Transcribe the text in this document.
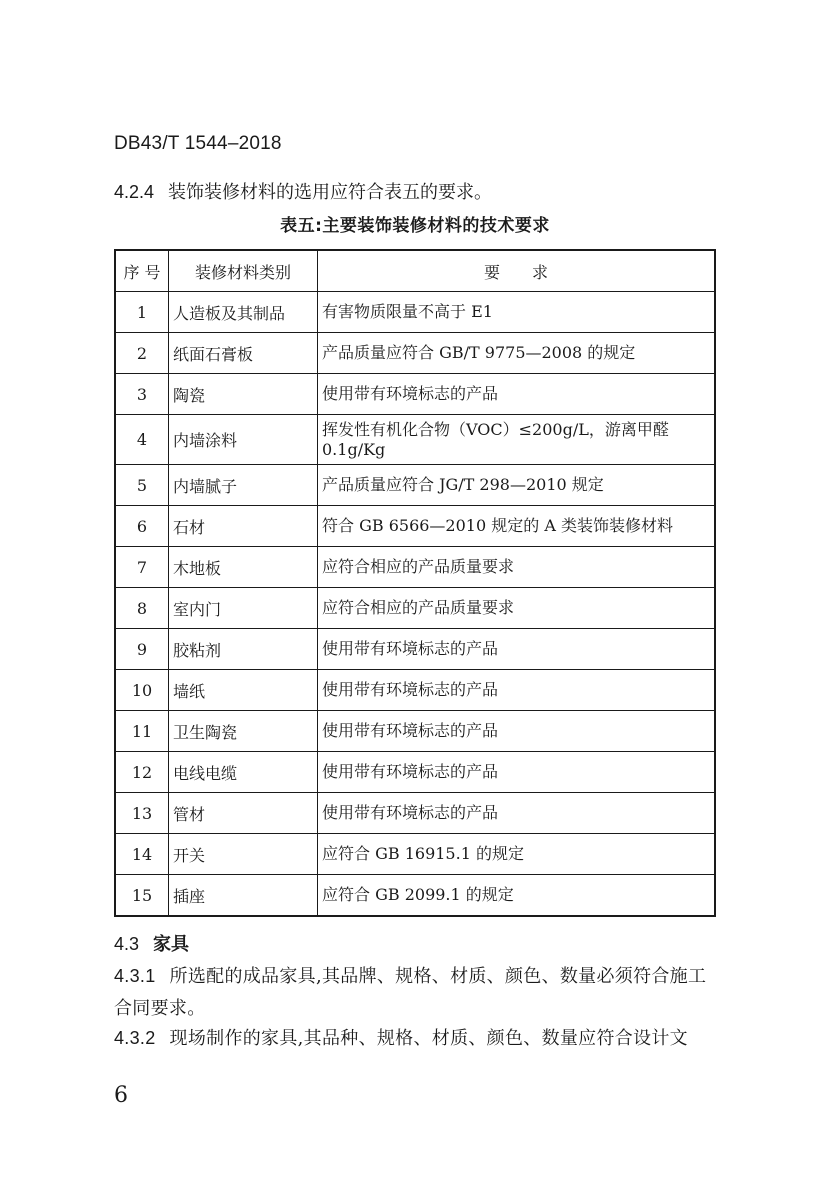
DB43/T 1544–2018
4.2.4 装饰装修材料的选用应符合表五的要求。
表五:主要装饰装修材料的技术要求
序 号	装修材料类别	要　　求
1	人造板及其制品	有害物质限量不高于 E1
2	纸面石膏板	产品质量应符合 GB/T 9775—2008 的规定
3	陶瓷	使用带有环境标志的产品
4	内墙涂料	挥发性有机化合物（VOC）≤200g/L，游离甲醛 0.1g/Kg
5	内墙腻子	产品质量应符合 JG/T 298—2010 规定
6	石材	符合 GB 6566—2010 规定的 A 类装饰装修材料
7	木地板	应符合相应的产品质量要求
8	室内门	应符合相应的产品质量要求
9	胶粘剂	使用带有环境标志的产品
10	墙纸	使用带有环境标志的产品
11	卫生陶瓷	使用带有环境标志的产品
12	电线电缆	使用带有环境标志的产品
13	管材	使用带有环境标志的产品
14	开关	应符合 GB 16915.1 的规定
15	插座	应符合 GB 2099.1 的规定
4.3 家具
4.3.1 所选配的成品家具,其品牌、规格、材质、颜色、数量必须符合施工合同要求。
4.3.2 现场制作的家具,其品种、规格、材质、颜色、数量应符合设计文
6
